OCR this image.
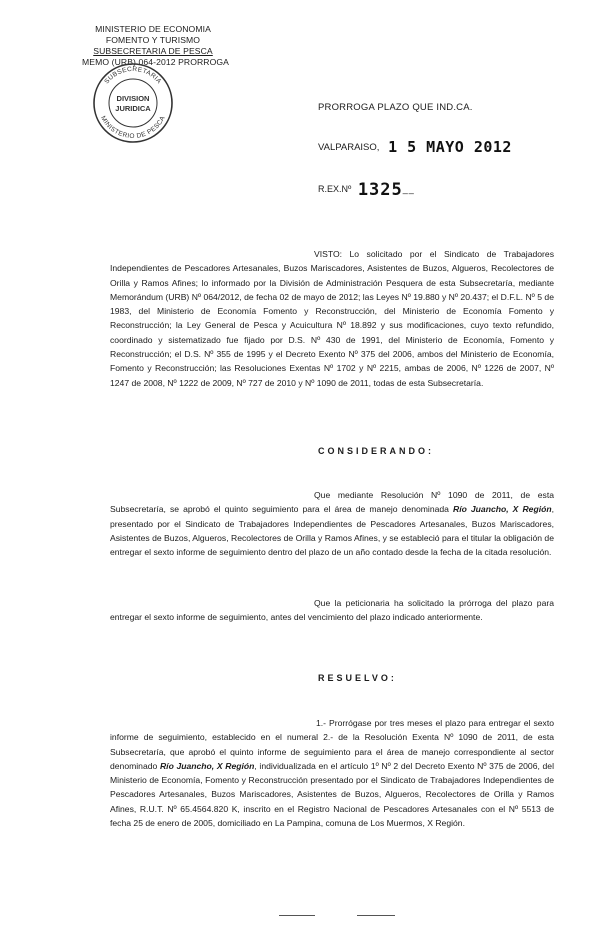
MINISTERIO DE ECONOMIA
FOMENTO Y TURISMO
SUBSECRETARIA DE PESCA
MEMO (URB) 064-2012 PRORROGA
SUBSECRETARIA
MINISTERIO DE PESCA
DIVISION
JURIDICA	PRORROGA PLAZO QUE IND.CA.
VALPARAISO, 1 5 MAYO 2012
R.EX.Nº 1325__

VISTO: Lo solicitado por el Sindicato de Trabajadores Independientes de Pescadores Artesanales, Buzos Mariscadores, Asistentes de Buzos, Algueros, Recolectores de Orilla y Ramos Afines; lo informado por la División de Administración Pesquera de esta Subsecretaría, mediante Memorándum (URB) Nº 064/2012, de fecha 02 de mayo de 2012; las Leyes Nº 19.880 y Nº 20.437; el D.F.L. Nº 5 de 1983, del Ministerio de Economía Fomento y Reconstrucción, del Ministerio de Economía Fomento y Reconstrucción; la Ley General de Pesca y Acuicultura Nº 18.892 y sus modificaciones, cuyo texto refundido, coordinado y sistematizado fue fijado por D.S. Nº 430 de 1991, del Ministerio de Economía, Fomento y Reconstrucción; el D.S. Nº 355 de 1995 y el Decreto Exento Nº 375 del 2006, ambos del Ministerio de Economía, Fomento y Reconstrucción; las Resoluciones Exentas Nº 1702 y Nº 2215, ambas de 2006, Nº 1226 de 2007, Nº 1247 de 2008, Nº 1222 de 2009, Nº 727 de 2010 y Nº 1090 de 2011, todas de esta Subsecretaría.

CONSIDERANDO:

Que mediante Resolución Nº 1090 de 2011, de esta Subsecretaría, se aprobó el quinto seguimiento para el área de manejo denominada Río Juancho, X Región, presentado por el Sindicato de Trabajadores Independientes de Pescadores Artesanales, Buzos Mariscadores, Asistentes de Buzos, Algueros, Recolectores de Orilla y Ramos Afines, y se estableció para el titular la obligación de entregar el sexto informe de seguimiento dentro del plazo de un año contado desde la fecha de la citada resolución.

Que la peticionaria ha solicitado la prórroga del plazo para entregar el sexto informe de seguimiento, antes del vencimiento del plazo indicado anteriormente.

RESUELVO:

1.- Prorrógase por tres meses el plazo para entregar el sexto informe de seguimiento, establecido en el numeral 2.- de la Resolución Exenta Nº 1090 de 2011, de esta Subsecretaría, que aprobó el quinto informe de seguimiento para el área de manejo correspondiente al sector denominado Río Juancho, X Región, individualizada en el artículo 1º Nº 2 del Decreto Exento Nº 375 de 2006, del Ministerio de Economía, Fomento y Reconstrucción presentado por el Sindicato de Trabajadores Independientes de Pescadores Artesanales, Buzos Mariscadores, Asistentes de Buzos, Algueros, Recolectores de Orilla y Ramos Afines, R.U.T. Nº 65.4564.820 K, inscrito en el Registro Nacional de Pescadores Artesanales con el Nº 5513 de fecha 25 de enero de 2005, domiciliado en La Pampina, comuna de Los Muermos, X Región.
